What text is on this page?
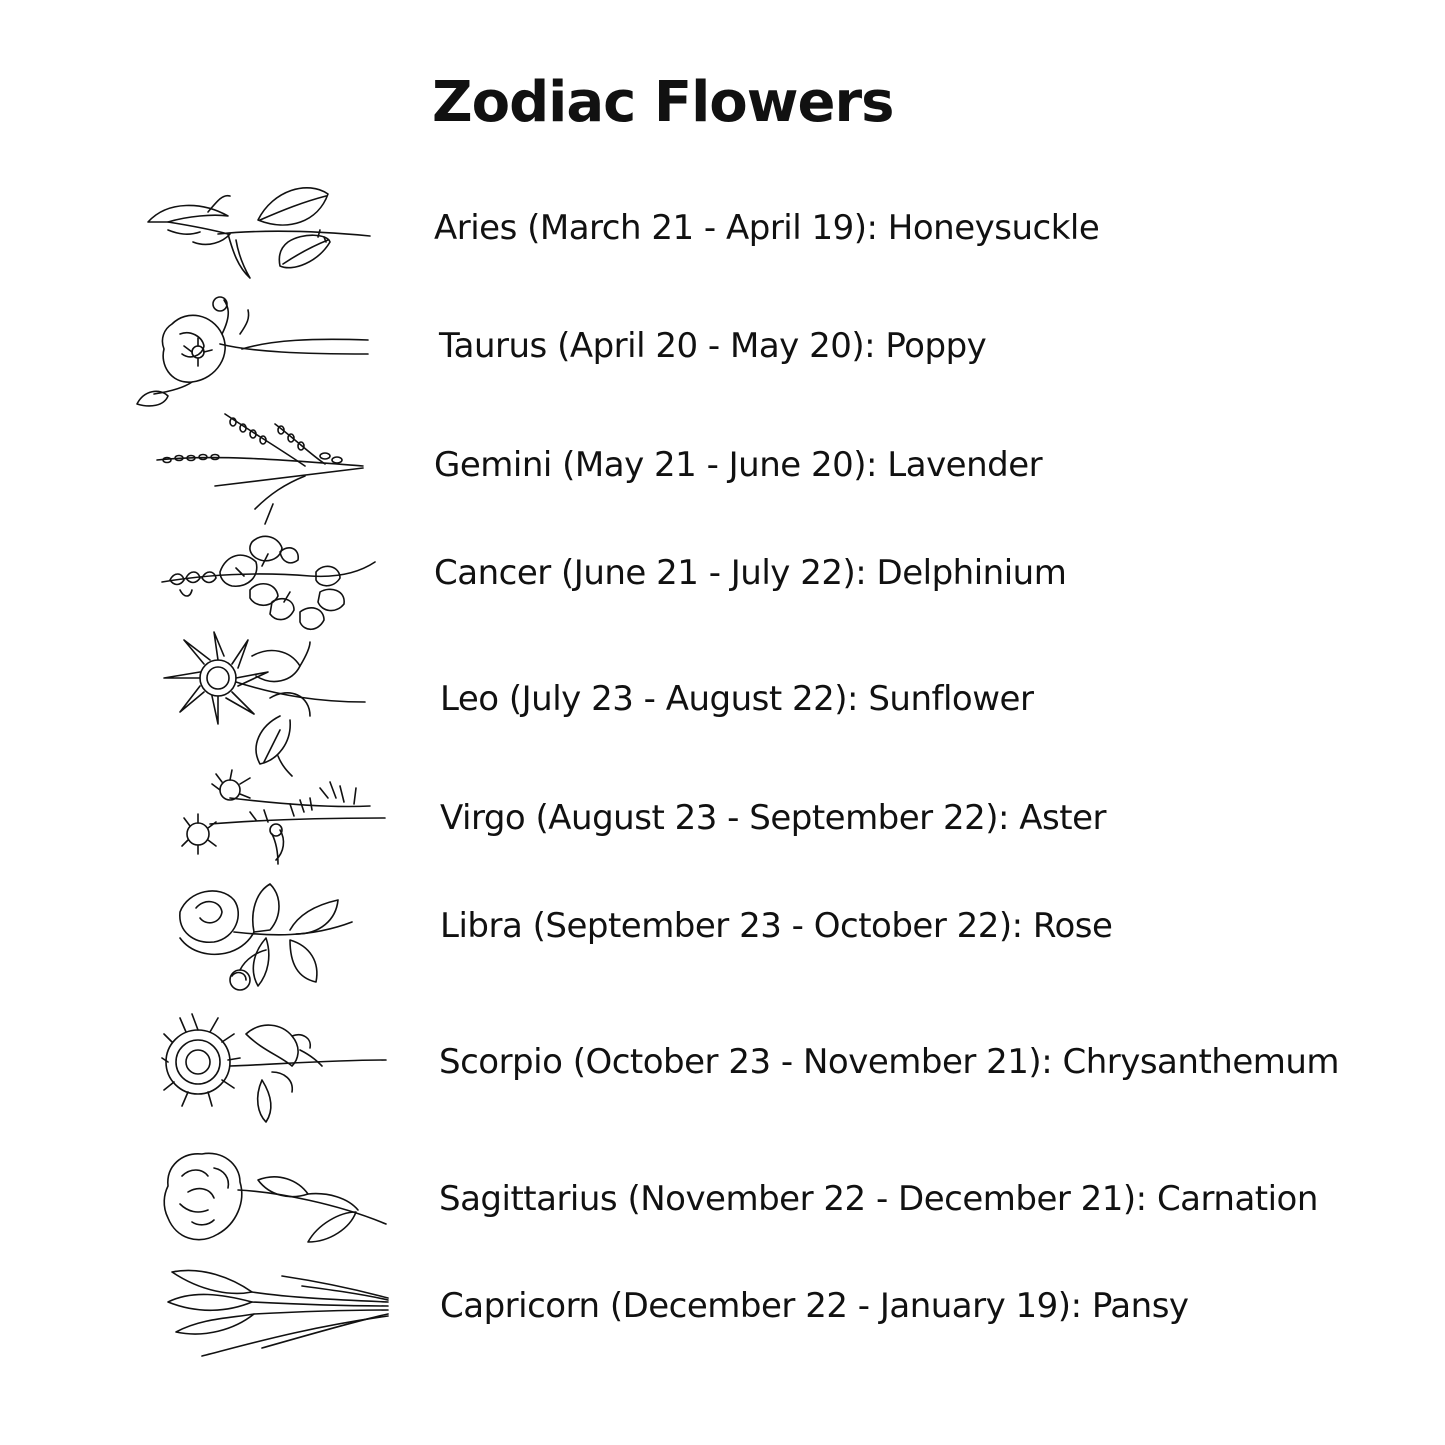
Zodiac Flowers
Aries (March 21 - April 19): Honeysuckle
Taurus (April 20 - May 20): Poppy
Gemini (May 21 - June 20): Lavender
Cancer (June 21 - July 22): Delphinium
Leo (July 23 - August 22): Sunflower
Virgo (August 23 - September 22): Aster
Libra (September 23 - October 22): Rose
Scorpio (October 23 - November 21): Chrysanthemum
Sagittarius (November 22 - December 21): Carnation
Capricorn (December 22 - January 19): Pansy
